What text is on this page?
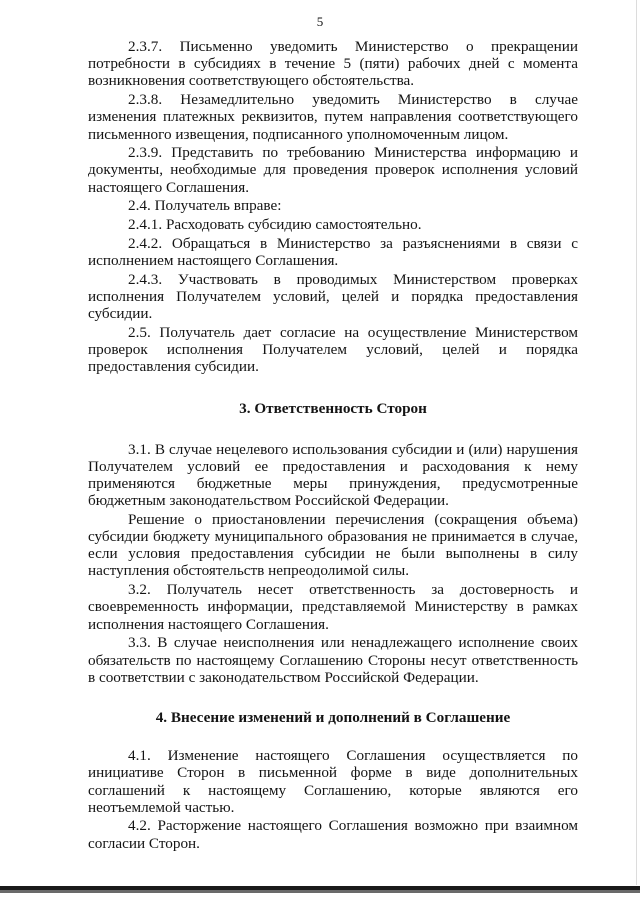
5

2.3.7. Письменно уведомить Министерство о прекращении потребности в субсидиях в течение 5 (пяти) рабочих дней с момента возникновения соответствующего обстоятельства.

2.3.8. Незамедлительно уведомить Министерство в случае изменения платежных реквизитов, путем направления соответствующего письменного извещения, подписанного уполномоченным лицом.

2.3.9. Представить по требованию Министерства информацию и документы, необходимые для проведения проверок исполнения условий настоящего Соглашения.

2.4. Получатель вправе:

2.4.1. Расходовать субсидию самостоятельно.

2.4.2. Обращаться в Министерство за разъяснениями в связи с исполнением настоящего Соглашения.

2.4.3. Участвовать в проводимых Министерством проверках исполнения Получателем условий, целей и порядка предоставления субсидии.

2.5. Получатель дает согласие на осуществление Министерством проверок исполнения Получателем условий, целей и порядка предоставления субсидии.

3. Ответственность Сторон

3.1. В случае нецелевого использования субсидии и (или) нарушения Получателем условий ее предоставления и расходования к нему применяются бюджетные меры принуждения, предусмотренные бюджетным законодательством Российской Федерации.

Решение о приостановлении перечисления (сокращения объема) субсидии бюджету муниципального образования не принимается в случае, если условия предоставления субсидии не были выполнены в силу наступления обстоятельств непреодолимой силы.

3.2. Получатель несет ответственность за достоверность и своевременность информации, представляемой Министерству в рамках исполнения настоящего Соглашения.

3.3. В случае неисполнения или ненадлежащего исполнение своих обязательств по настоящему Соглашению Стороны несут ответственность в соответствии с законодательством Российской Федерации.

4. Внесение изменений и дополнений в Соглашение

4.1. Изменение настоящего Соглашения осуществляется по инициативе Сторон в письменной форме в виде дополнительных соглашений к настоящему Соглашению, которые являются его неотъемлемой частью.

4.2. Расторжение настоящего Соглашения возможно при взаимном согласии Сторон.
